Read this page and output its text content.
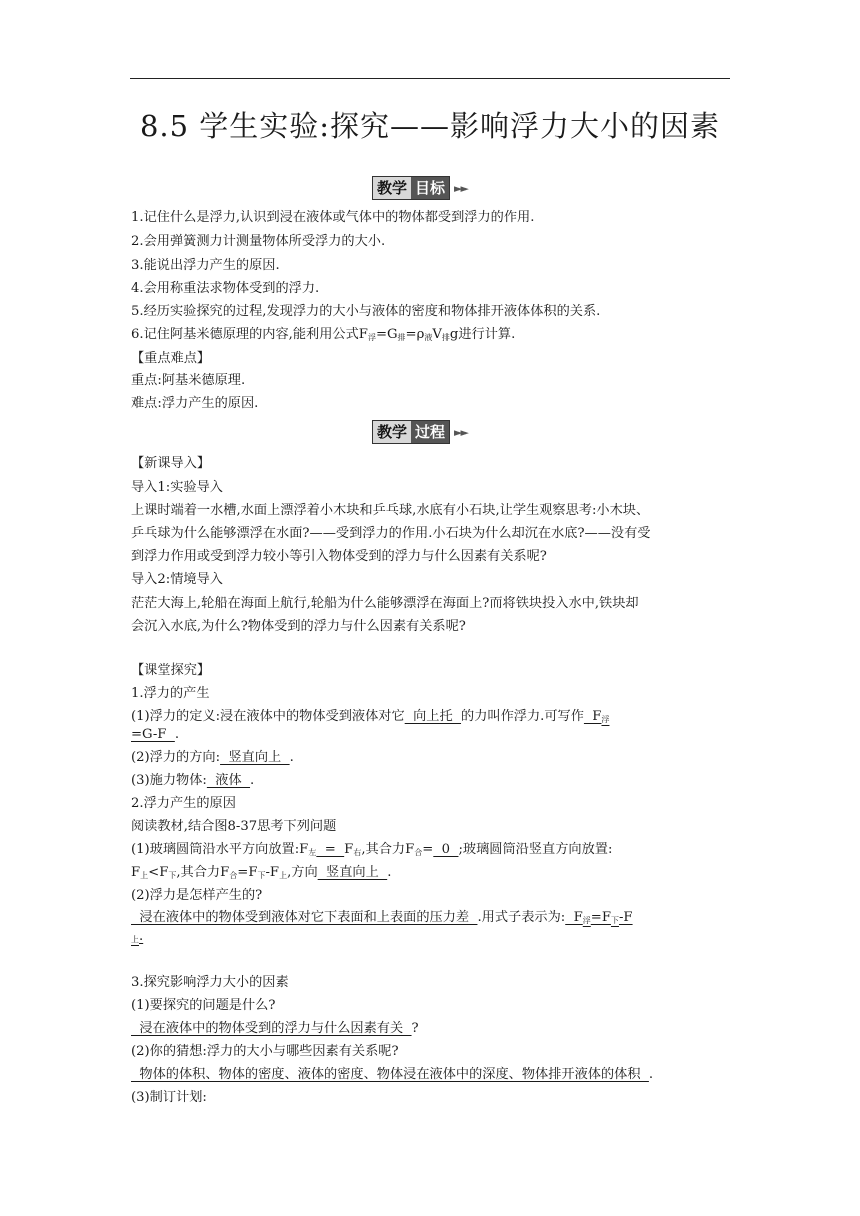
8.5 学生实验:探究——影响浮力大小的因素
教学 目标 ►►
1.记住什么是浮力,认识到浸在液体或气体中的物体都受到浮力的作用.
2.会用弹簧测力计测量物体所受浮力的大小.
3.能说出浮力产生的原因.
4.会用称重法求物体受到的浮力.
5.经历实验探究的过程,发现浮力的大小与液体的密度和物体排开液体体积的关系.
6.记住阿基米德原理的内容,能利用公式$F_浮=G_排=\rho_液V_排g$进行计算.
【重点难点】
重点:阿基米德原理.
难点:浮力产生的原因.
教学 过程 ►►
【新课导入】
导入1:实验导入
上课时端着一水槽,水面上漂浮着小木块和乒乓球,水底有小石块,让学生观察思考:小木块、
乒乓球为什么能够漂浮在水面?——受到浮力的作用.小石块为什么却沉在水底?——没有受
到浮力作用或受到浮力较小等引入物体受到的浮力与什么因素有关系呢?
导入2:情境导入
茫茫大海上,轮船在海面上航行,轮船为什么能够漂浮在海面上?而将铁块投入水中,铁块却
会沉入水底,为什么?物体受到的浮力与什么因素有关系呢?
【课堂探究】
1.浮力的产生
(1)浮力的定义:浸在液体中的物体受到液体对它  向上托  的力叫作浮力.可写作  $F_浮$
=G-F  .
(2)浮力的方向:  竖直向上  .
(3)施力物体:  液体  .
2.浮力产生的原因
阅读教材,结合图8-37思考下列问题
(1)玻璃圆筒沿水平方向放置$:F_左 = F_右$,其合力$F_合= 0$  ;玻璃圆筒沿竖直方向放置:
$F_上<F_下$,其合力$F_合=F_下-F_上$,方向  竖直向上  .
(2)浮力是怎样产生的?
浸在液体中的物体受到液体对它下表面和上表面的压力差  .用式子表示为:  $F_浮=F_下-F$
$_上$.
3.探究影响浮力大小的因素
(1)要探究的问题是什么?
浸在液体中的物体受到的浮力与什么因素有关  ?
(2)你的猜想:浮力的大小与哪些因素有关系呢?
物体的体积、物体的密度、液体的密度、物体浸在液体中的深度、物体排开液体的体积  .
(3)制订计划:
